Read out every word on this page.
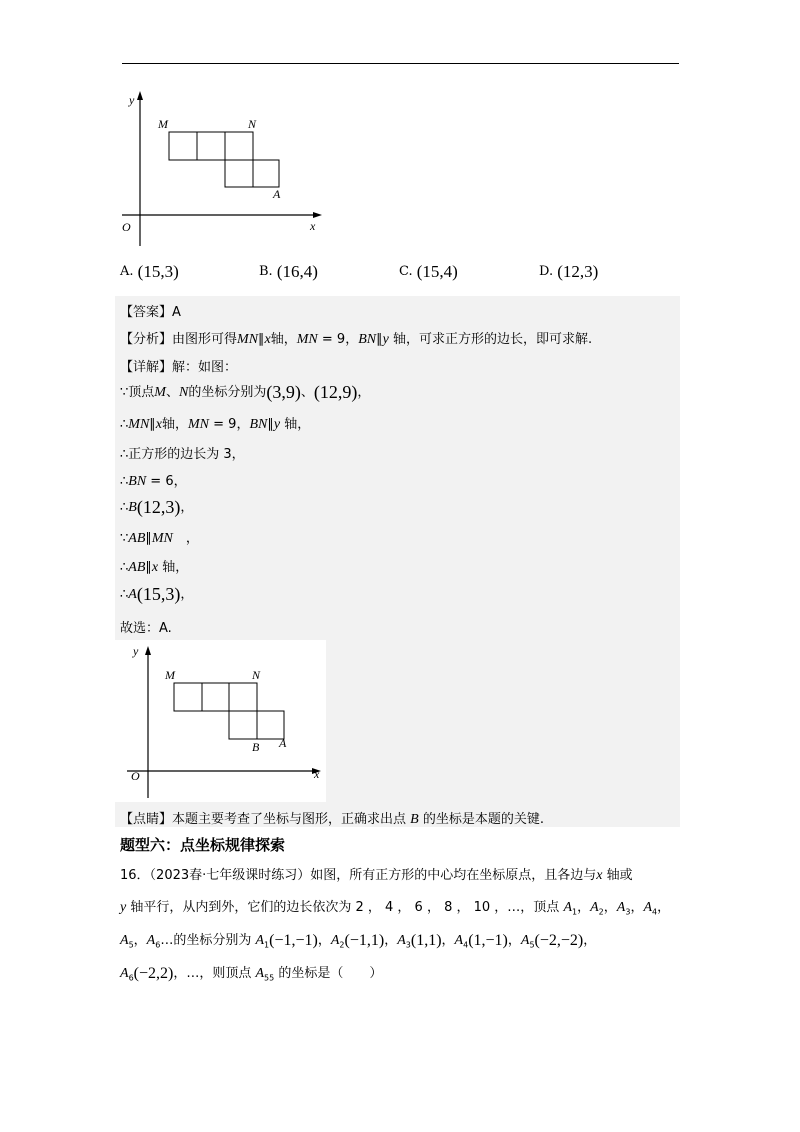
y
x
O
M	N
A
A. (15,3)	B. (16,4)	C. (15,4)	D. (12,3)
【答案】A
【分析】由图形可得MN∥x轴，MN = 9，BN∥y 轴，可求正方形的边长，即可求解.
【详解】解：如图：
∵顶点M、N的坐标分别为(3,9)、(12,9)，
∴MN∥x轴，MN = 9，BN∥y 轴，
∴正方形的边长为 3，
∴BN = 6，
∴B(12,3)，
∵AB∥MN　，
∴AB∥x 轴，
∴A(15,3)，
故选：A.
y
x
O
M	N
B A
【点睛】本题主要考查了坐标与图形，正确求出点 B 的坐标是本题的关键.
题型六：点坐标规律探索
16．（2023春·七年级课时练习）如图，所有正方形的中心均在坐标原点，且各边与x 轴或
y 轴平行，从内到外，它们的边长依次为 2 ， 4 ， 6 ， 8 ， 10 ，…，顶点 $A_1$，$A_2$，$A_3$，$A_4$，
$A_5$，$A_6\dots$的坐标分别为 $A_1(-1,-1)$，$A_2(-1,1)$，$A_3(1,1)$，$A_4(1,-1)$，$A_5(-2,-2)$，
$A_6(-2,2)$，…，则顶点 $A_{55}$ 的坐标是（　　）
